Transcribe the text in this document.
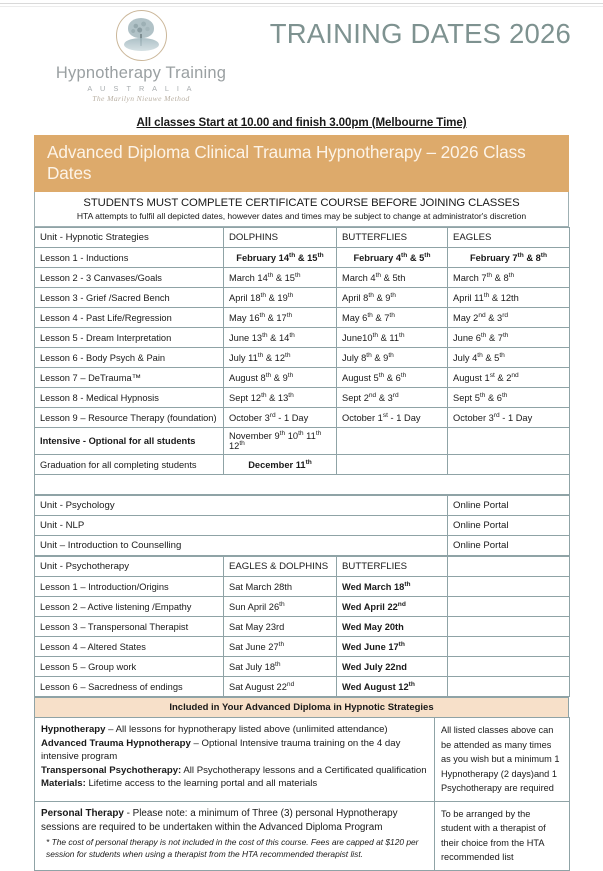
Hypnotherapy Training
A U S T R A L I A
The Marilyn Nieuwe Method
TRAINING DATES 2026
All classes Start at 10.00 and finish 3.00pm (Melbourne Time)
Advanced Diploma Clinical Trauma Hypnotherapy – 2026 Class Dates
STUDENTS MUST COMPLETE CERTIFICATE COURSE BEFORE JOINING CLASSES
HTA attempts to fulfil all depicted dates, however dates and times may be subject to change at administrator's discretion
Unit - Hypnotic Strategies	DOLPHINS	BUTTERFLIES	EAGLES
Lesson 1 - Inductions	February 14th & 15th	February 4th & 5th	February 7th & 8th
Lesson 2 - 3 Canvases/Goals	March 14th & 15th	March 4th & 5th	March 7th & 8th
Lesson 3 - Grief /Sacred Bench	April 18th & 19th	April 8th & 9th	April 11th & 12th
Lesson 4 - Past Life/Regression	May 16th & 17th	May 6th & 7th	May 2nd & 3rd
Lesson 5 - Dream Interpretation	June 13th & 14th	June10th & 11th	June 6th & 7th
Lesson 6 - Body Psych & Pain	July 11th & 12th	July 8th & 9th	July 4th & 5th
Lesson 7 – DeTrauma™	August 8th & 9th	August 5th & 6th	August 1st & 2nd
Lesson 8 - Medical Hypnosis	Sept 12th & 13th	Sept 2nd & 3rd	Sept 5th & 6th
Lesson 9 – Resource Therapy (foundation)	October 3rd - 1 Day	October 1st - 1 Day	October 3rd - 1 Day
Intensive - Optional for all students	November 9th 10th 11th 12th		
Graduation for all completing students	December 11th		

Unit - Psychology	Online Portal
Unit - NLP	Online Portal
Unit – Introduction to Counselling	Online Portal
Unit - Psychotherapy	EAGLES & DOLPHINS	BUTTERFLIES	
Lesson 1 – Introduction/Origins	Sat March 28th	Wed March 18th	
Lesson 2 – Active listening /Empathy	Sun April 26th	Wed April 22nd	
Lesson 3 – Transpersonal Therapist	Sat May 23rd	Wed May 20th	
Lesson 4 – Altered States	Sat June 27th	Wed June 17th	
Lesson 5 – Group work	Sat July 18th	Wed July 22nd	
Lesson 6 – Sacredness of endings	Sat August 22nd	Wed August 12th	
Included in Your Advanced Diploma in Hypnotic Strategies
Hypnotherapy – All lessons for hypnotherapy listed above (unlimited attendance)
Advanced Trauma Hypnotherapy – Optional Intensive trauma training on the 4 day intensive program
Transpersonal Psychotherapy: All Psychotherapy lessons and a Certificated qualification
Materials: Lifetime access to the learning portal and all materials	All listed classes above can be attended as many times as you wish but a minimum 1 Hypnotherapy (2 days)and 1 Psychotherapy are required

Personal Therapy - Please note: a minimum of Three (3) personal Hypnotherapy sessions are required to be undertaken within the Advanced Diploma Program
* The cost of personal therapy is not included in the cost of this course. Fees are capped at $120 per session for students when using a therapist from the HTA recommended therapist list.	To be arranged by the student with a therapist of their choice from the HTA recommended list
